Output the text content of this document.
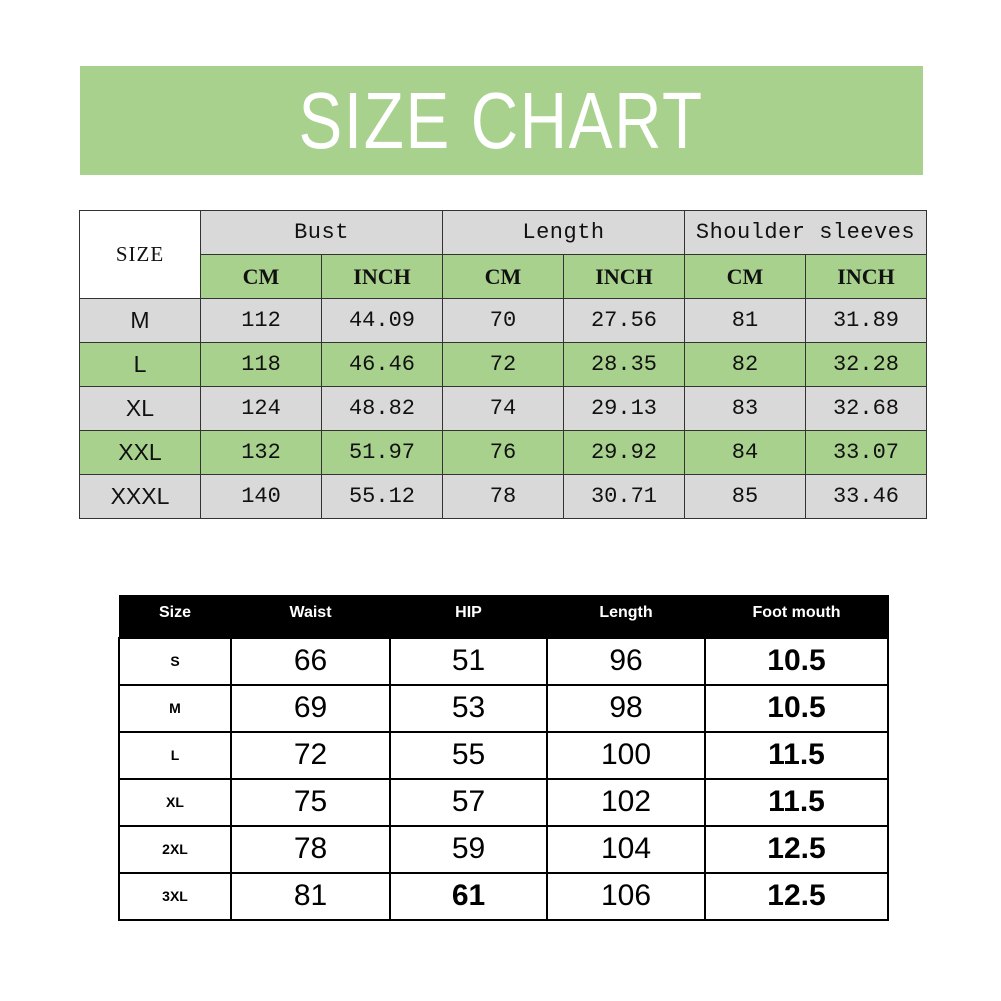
SIZE CHART
SIZE	Bust		Length		Shoulder sleeves	
	CM	INCH	CM	INCH	CM	INCH
M	112	44.09	70	27.56	81	31.89
L	118	46.46	72	28.35	82	32.28
XL	124	48.82	74	29.13	83	32.68
XXL	132	51.97	76	29.92	84	33.07
XXXL	140	55.12	78	30.71	85	33.46
Size	Waist	HIP	Length	Foot mouth
S	66	51	96	10.5
M	69	53	98	10.5
L	72	55	100	11.5
XL	75	57	102	11.5
2XL	78	59	104	12.5
3XL	81	61	106	12.5
